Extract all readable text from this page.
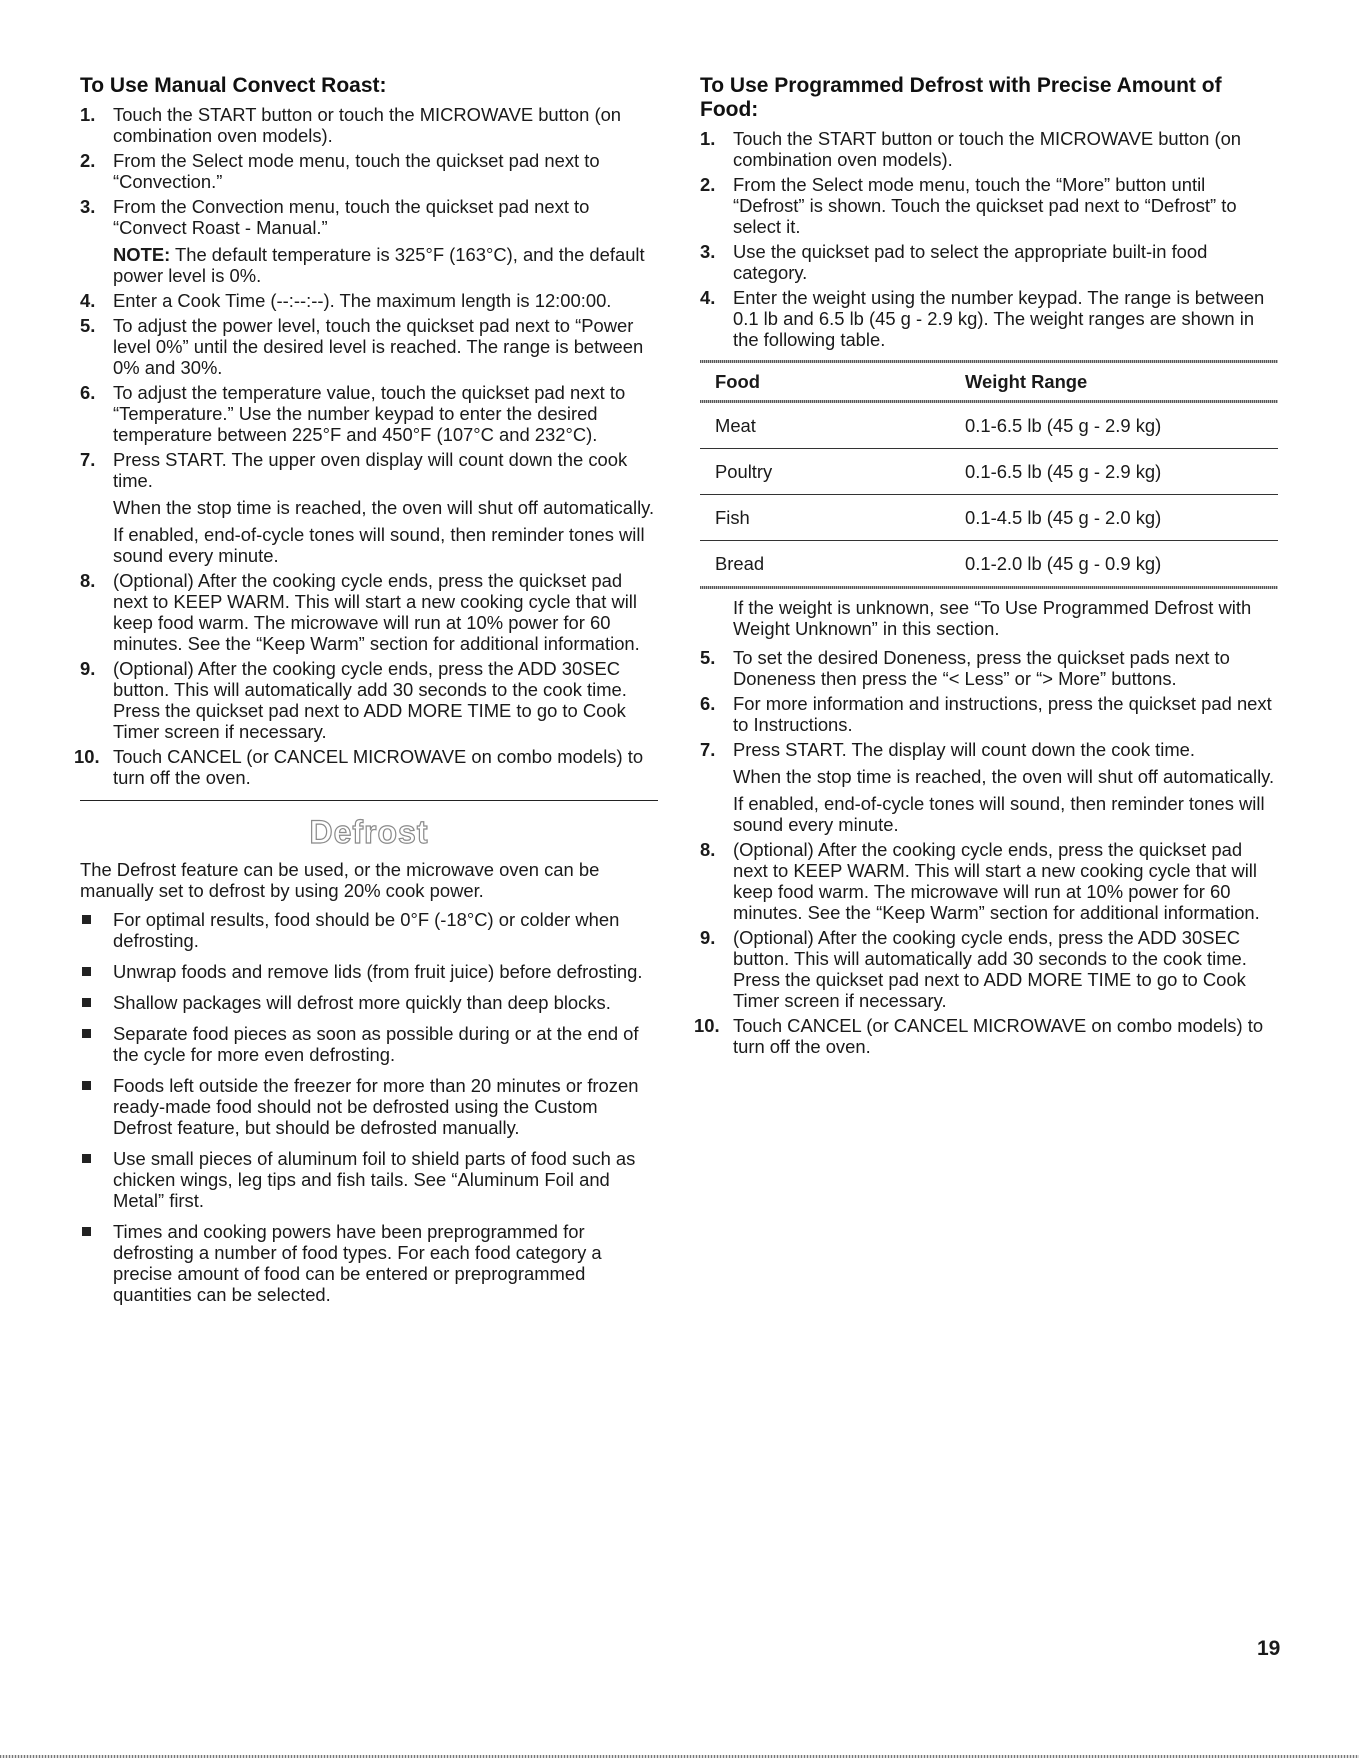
To Use Manual Convect Roast:
1. Touch the START button or touch the MICROWAVE button (on combination oven models).
2. From the Select mode menu, touch the quickset pad next to “Convection.”
3. From the Convection menu, touch the quickset pad next to “Convect Roast - Manual.”

NOTE: The default temperature is 325°F (163°C), and the default power level is 0%.

4. Enter a Cook Time (--:--:--). The maximum length is 12:00:00.
5. To adjust the power level, touch the quickset pad next to “Power level 0%” until the desired level is reached. The range is between 0% and 30%.
6. To adjust the temperature value, touch the quickset pad next to “Temperature.” Use the number keypad to enter the desired temperature between 225°F and 450°F (107°C and 232°C).
7. Press START. The upper oven display will count down the cook time.

When the stop time is reached, the oven will shut off automatically.

If enabled, end-of-cycle tones will sound, then reminder tones will sound every minute.

8. (Optional) After the cooking cycle ends, press the quickset pad next to KEEP WARM. This will start a new cooking cycle that will keep food warm. The microwave will run at 10% power for 60 minutes. See the “Keep Warm” section for additional information.
9. (Optional) After the cooking cycle ends, press the ADD 30SEC button. This will automatically add 30 seconds to the cook time. Press the quickset pad next to ADD MORE TIME to go to Cook Timer screen if necessary.
10. Touch CANCEL (or CANCEL MICROWAVE on combo models) to turn off the oven.
Defrost

The Defrost feature can be used, or the microwave oven can be manually set to defrost by using 20% cook power.

For optimal results, food should be 0°F (-18°C) or colder when defrosting.
Unwrap foods and remove lids (from fruit juice) before defrosting.
Shallow packages will defrost more quickly than deep blocks.
Separate food pieces as soon as possible during or at the end of the cycle for more even defrosting.
Foods left outside the freezer for more than 20 minutes or frozen ready-made food should not be defrosted using the Custom Defrost feature, but should be defrosted manually.
Use small pieces of aluminum foil to shield parts of food such as chicken wings, leg tips and fish tails. See “Aluminum Foil and Metal” first.
Times and cooking powers have been preprogrammed for defrosting a number of food types. For each food category a precise amount of food can be entered or preprogrammed quantities can be selected.
To Use Programmed Defrost with Precise Amount of Food:
1. Touch the START button or touch the MICROWAVE button (on combination oven models).
2. From the Select mode menu, touch the “More” button until “Defrost” is shown. Touch the quickset pad next to “Defrost” to select it.
3. Use the quickset pad to select the appropriate built-in food category.
4. Enter the weight using the number keypad. The range is between 0.1 lb and 6.5 lb (45 g - 2.9 kg). The weight ranges are shown in the following table.
Food	Weight Range
Meat	0.1-6.5 lb (45 g - 2.9 kg)
Poultry	0.1-6.5 lb (45 g - 2.9 kg)
Fish	0.1-4.5 lb (45 g - 2.0 kg)
Bread	0.1-2.0 lb (45 g - 0.9 kg)

If the weight is unknown, see “To Use Programmed Defrost with Weight Unknown” in this section.

5. To set the desired Doneness, press the quickset pads next to Doneness then press the “< Less” or “> More” buttons.
6. For more information and instructions, press the quickset pad next to Instructions.
7. Press START. The display will count down the cook time.

When the stop time is reached, the oven will shut off automatically.

If enabled, end-of-cycle tones will sound, then reminder tones will sound every minute.

8. (Optional) After the cooking cycle ends, press the quickset pad next to KEEP WARM. This will start a new cooking cycle that will keep food warm. The microwave will run at 10% power for 60 minutes. See the “Keep Warm” section for additional information.
9. (Optional) After the cooking cycle ends, press the ADD 30SEC button. This will automatically add 30 seconds to the cook time. Press the quickset pad next to ADD MORE TIME to go to Cook Timer screen if necessary.
10. Touch CANCEL (or CANCEL MICROWAVE on combo models) to turn off the oven.
19
